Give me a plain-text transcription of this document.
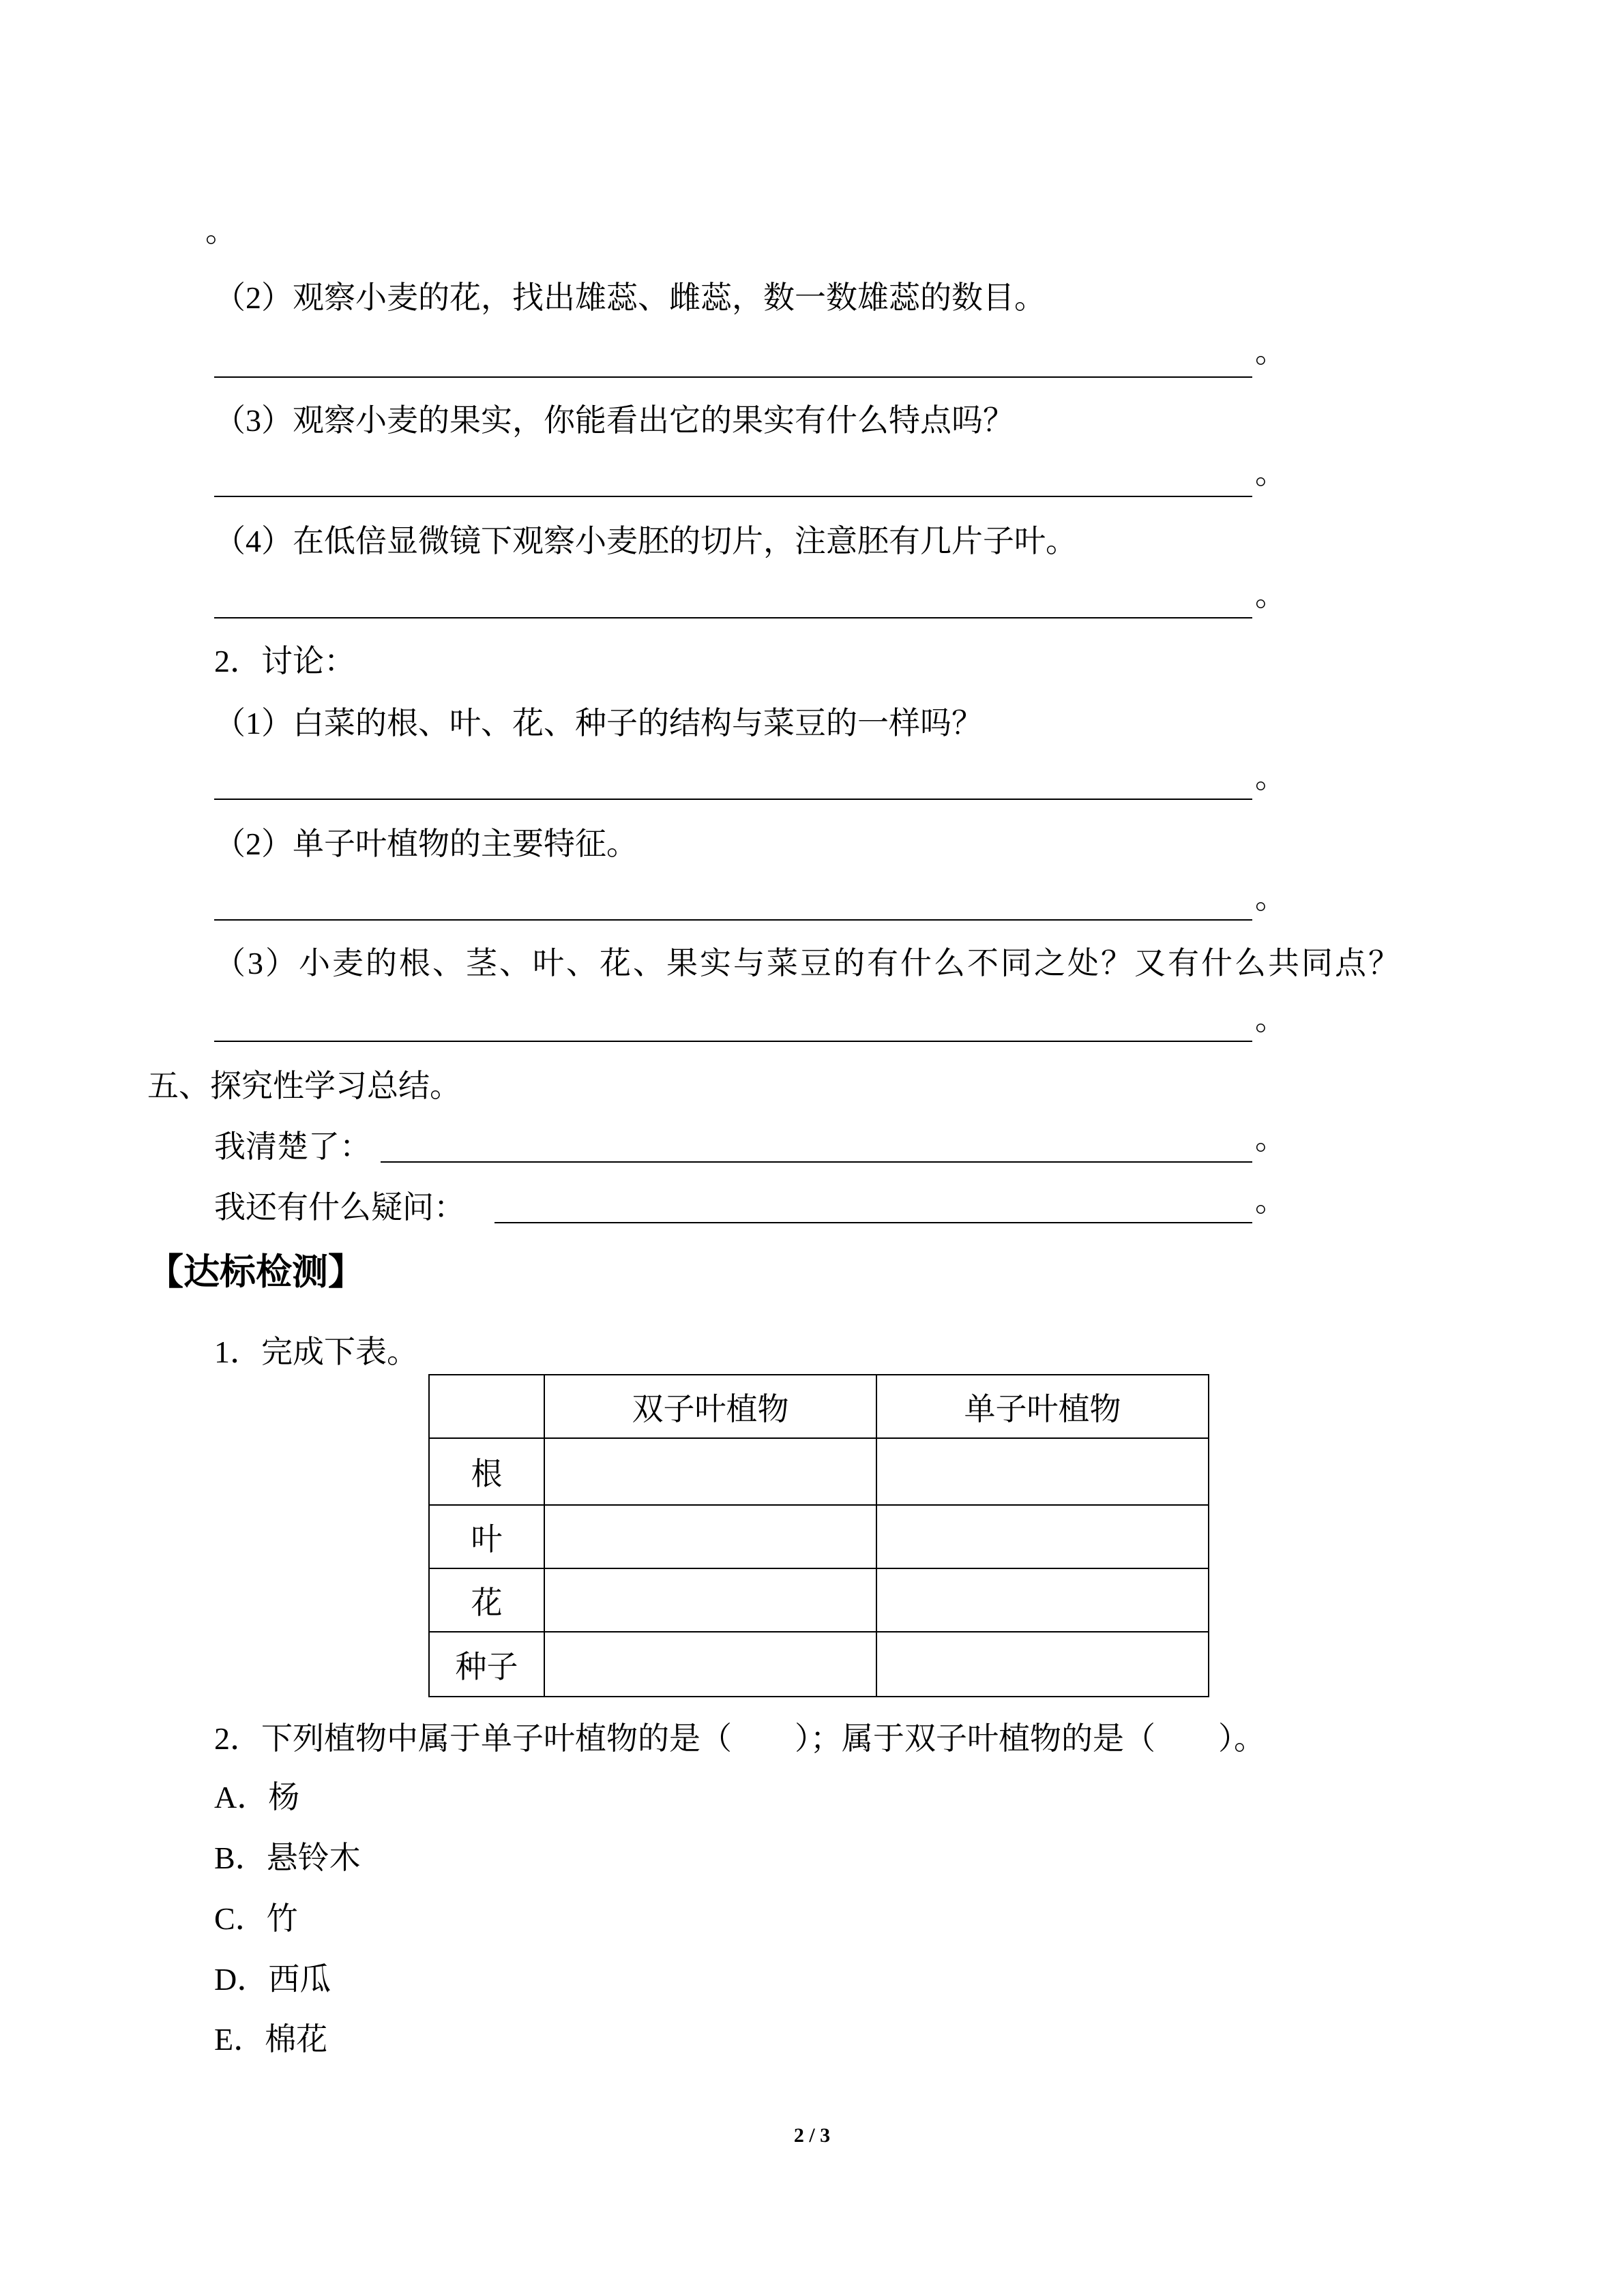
。
（2）观察小麦的花，找出雄蕊、雌蕊，数一数雄蕊的数目。
。
（3）观察小麦的果实，你能看出它的果实有什么特点吗？
。
（4）在低倍显微镜下观察小麦胚的切片，注意胚有几片子叶。
。
2．讨论：
（1）白菜的根、叶、花、种子的结构与菜豆的一样吗？
。
（2）单子叶植物的主要特征。
。
（3）小麦的根、茎、叶、花、果实与菜豆的有什么不同之处？又有什么共同点？
。
五、探究性学习总结。
我清楚了：	。
我还有什么疑问：	。
【达标检测】
1．完成下表。
	双子叶植物	单子叶植物
根		
叶		
花		
种子		
2．下列植物中属于单子叶植物的是（　　）；属于双子叶植物的是（　　）。
A．杨
B．悬铃木
C．竹
D．西瓜
E．棉花
2 / 3
